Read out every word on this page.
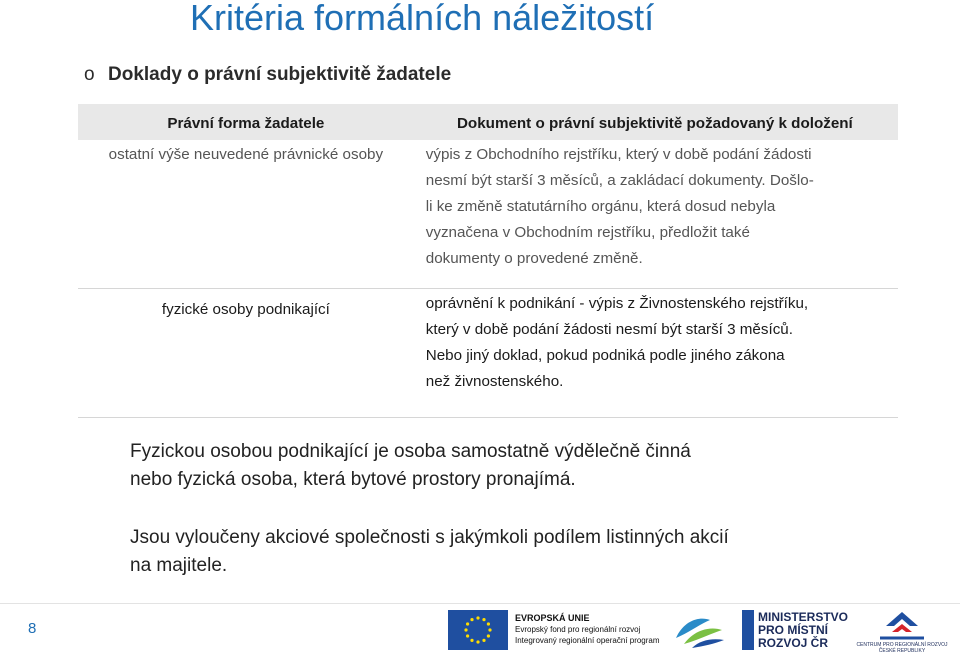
Kritéria formálních náležitostí
o Doklady o právní subjektivitě žadatele
Právní forma žadatele	Dokument o právní subjektivitě požadovaný k doložení
ostatní výše neuvedené právnické osoby	výpis z Obchodního rejstříku, který v době podání žádosti
nesmí být starší 3 měsíců, a zakládací dokumenty. Došlo-
li ke změně statutárního orgánu, která dosud nebyla
vyznačena v Obchodním rejstříku, předložit také
dokumenty o provedené změně.

fyzické osoby podnikající	oprávnění k podnikání - výpis z Živnostenského rejstříku,
který v době podání žádosti nesmí být starší 3 měsíců.
Nebo jiný doklad, pokud podniká podle jiného zákona
než živnostenského.
Fyzickou osobou podnikající je osoba samostatně výdělečně činná
nebo fyzická osoba, která bytové prostory pronajímá.
Jsou vyloučeny akciové společnosti s jakýmkoli podílem listinných akcií
na majitele.
8
EVROPSKÁ UNIE
Evropský fond pro regionální rozvoj
Integrovaný regionální operační program
MINISTERSTVO
PRO MÍSTNÍ
ROZVOJ ČR	CENTRUM PRO REGIONÁLNÍ ROZVOJ
ČESKÉ REPUBLIKY
